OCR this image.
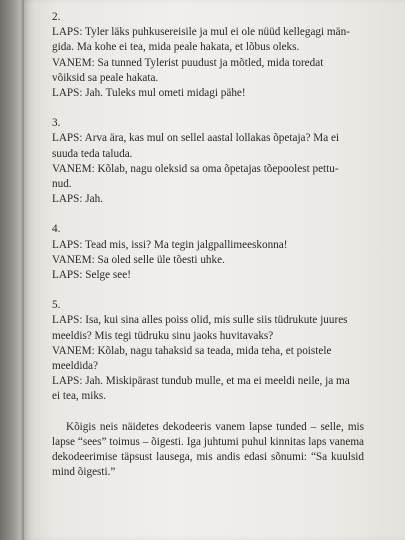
2.

LAPS: Tyler läks puhkusereisile ja mul ei ole nüüd kellegagi män-

gida. Ma kohe ei tea, mida peale hakata, et lõbus oleks.

VANEM: Sa tunned Tylerist puudust ja mõtled, mida toredat

võiksid sa peale hakata.

LAPS: Jah. Tuleks mul ometi midagi pähe!

3.

LAPS: Arva ära, kas mul on sellel aastal lollakas õpetaja? Ma ei

suuda teda taluda.

VANEM: Kõlab, nagu oleksid sa oma õpetajas tõepoolest pettu-

nud.

LAPS: Jah.

4.

LAPS: Tead mis, issi? Ma tegin jalgpallimeeskonna!

VANEM: Sa oled selle üle tõesti uhke.

LAPS: Selge see!

5.

LAPS: Isa, kui sina alles poiss olid, mis sulle siis tüdrukute juures

meeldis? Mis tegi tüdruku sinu jaoks huvitavaks?

VANEM: Kõlab, nagu tahaksid sa teada, mida teha, et poistele

meeldida?

LAPS: Jah. Miskipärast tundub mulle, et ma ei meeldi neile, ja ma

ei tea, miks.

Kõigis neis näidetes dekodeeris vanem lapse tunded – selle, mis lapse “sees” toimus – õigesti. Iga juhtumi puhul kinnitas laps vanema dekodeerimise täpsust lausega, mis andis edasi sõnumi: “Sa kuulsid mind õigesti.”
